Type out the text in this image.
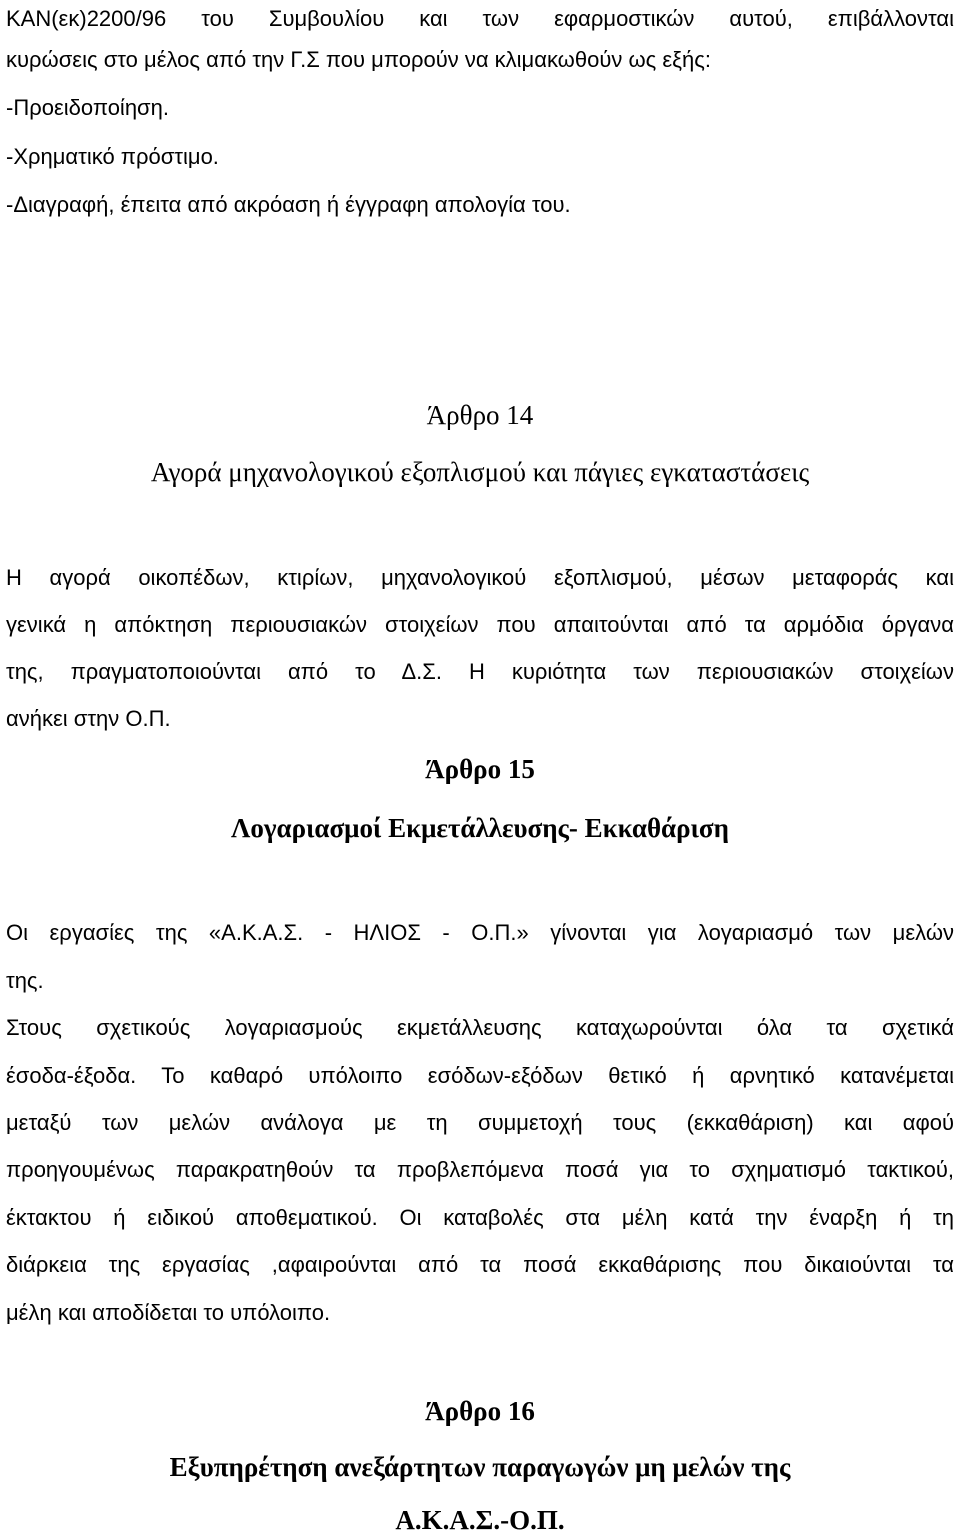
ΚΑΝ(εκ)2200/96 του Συμβουλίου και των εφαρμοστικών αυτού, επιβάλλονται
κυρώσεις στο μέλος από την Γ.Σ που μπορούν να κλιμακωθούν ως εξής:
-Προειδοποίηση.
-Χρηματικό πρόστιμο.
-Διαγραφή, έπειτα από ακρόαση ή έγγραφη απολογία του.
Άρθρο 14
Αγορά μηχανολογικού εξοπλισμού και πάγιες εγκαταστάσεις
Η αγορά οικοπέδων, κτιρίων, μηχανολογικού εξοπλισμού, μέσων μεταφοράς και
γενικά η απόκτηση περιουσιακών στοιχείων που απαιτούνται από τα αρμόδια όργανα
της, πραγματοποιούνται από το Δ.Σ. Η κυριότητα των περιουσιακών στοιχείων
ανήκει στην Ο.Π.
Άρθρο 15
Λογαριασμοί Εκμετάλλευσης- Εκκαθάριση
Οι εργασίες της «Α.Κ.Α.Σ. - ΗΛΙΟΣ - Ο.Π.» γίνονται για λογαριασμό των μελών
της.
Στους σχετικούς λογαριασμούς εκμετάλλευσης καταχωρούνται όλα τα σχετικά
έσοδα-έξοδα. Το καθαρό υπόλοιπο εσόδων-εξόδων θετικό ή αρνητικό κατανέμεται
μεταξύ των μελών ανάλογα με τη συμμετοχή τους (εκκαθάριση) και αφού
προηγουμένως παρακρατηθούν τα προβλεπόμενα ποσά για το σχηματισμό τακτικού,
έκτακτου ή ειδικού αποθεματικού. Οι καταβολές στα μέλη κατά την έναρξη ή τη
διάρκεια της εργασίας ,αφαιρούνται από τα ποσά εκκαθάρισης που δικαιούνται τα
μέλη και αποδίδεται το υπόλοιπο.
Άρθρο 16
Εξυπηρέτηση ανεξάρτητων παραγωγών μη μελών της
Α.Κ.Α.Σ.-Ο.Π.
